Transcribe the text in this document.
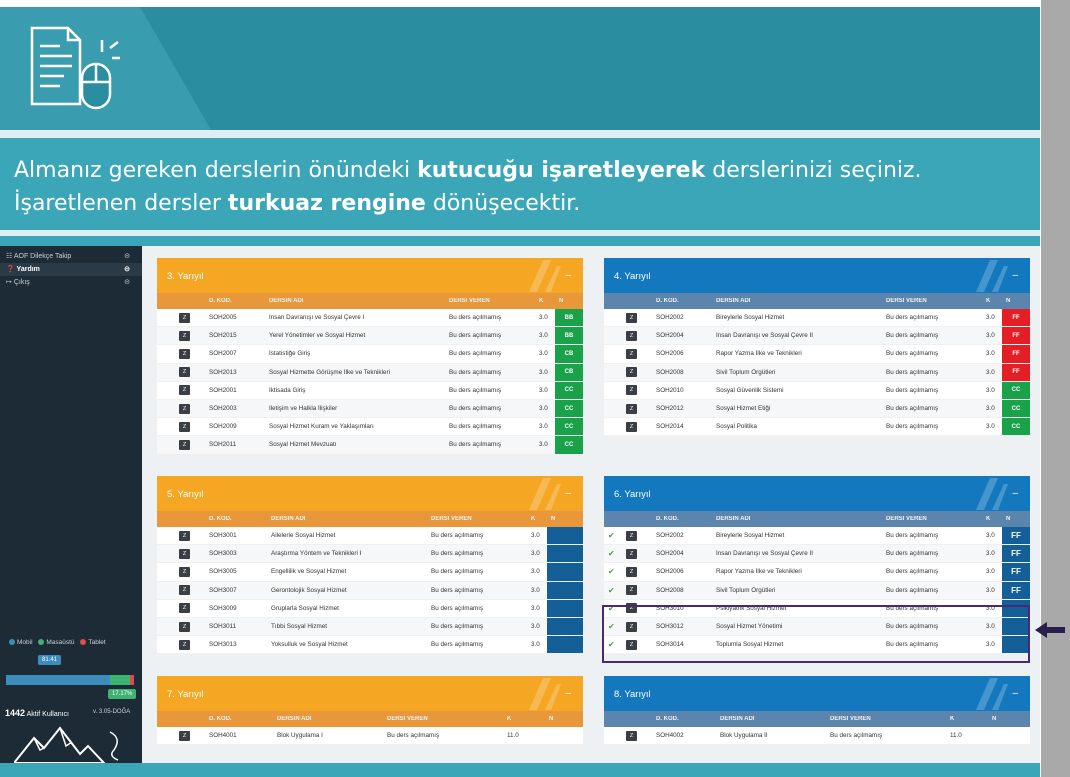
Almanız gereken derslerin önündeki kutucuğu işaretleyerek derslerinizi seçiniz.
İşaretlenen dersler turkuaz rengine dönüşecektir.
☷ AOF Dilekçe Takip	⊝
❓ Yardım	⊝
↦ Çıkış	⊝
Mobil Masaüstü Tablet
81.41
17.17%
1442 Aktif Kullanıcı	v. 3.05-DOĞA
3. Yarıyıl	–
D. KOD.	DERSİN ADI	DERSİ VEREN	K	N
Z	SOH2005	İnsan Davranışı ve Sosyal Çevre I	Bu ders açılmamış	3.0	BB
Z	SOH2015	Yerel Yönetimler ve Sosyal Hizmet	Bu ders açılmamış	3.0	BB
Z	SOH2007	İstatistiğe Giriş	Bu ders açılmamış	3.0	CB
Z	SOH2013	Sosyal Hizmette Görüşme İlke ve Teknikleri	Bu ders açılmamış	3.0	CB
Z	SOH2001	İktisada Giriş	Bu ders açılmamış	3.0	CC
Z	SOH2003	İletişim ve Halkla İlişkiler	Bu ders açılmamış	3.0	CC
Z	SOH2009	Sosyal Hizmet Kuram ve Yaklaşımları	Bu ders açılmamış	3.0	CC
Z	SOH2011	Sosyal Hizmet Mevzuatı	Bu ders açılmamış	3.0	CC
4. Yarıyıl	–
D. KOD.	DERSİN ADI	DERSİ VEREN	K	N
Z	SOH2002	Bireylerle Sosyal Hizmet	Bu ders açılmamış	3.0	FF
Z	SOH2004	İnsan Davranışı ve Sosyal Çevre II	Bu ders açılmamış	3.0	FF
Z	SOH2006	Rapor Yazma İlke ve Teknikleri	Bu ders açılmamış	3.0	FF
Z	SOH2008	Sivil Toplum Örgütleri	Bu ders açılmamış	3.0	FF
Z	SOH2010	Sosyal Güvenlik Sistemi	Bu ders açılmamış	3.0	CC
Z	SOH2012	Sosyal Hizmet Etiği	Bu ders açılmamış	3.0	CC
Z	SOH2014	Sosyal Politika	Bu ders açılmamış	3.0	CC
5. Yarıyıl	–
D. KOD.	DERSİN ADI	DERSİ VEREN	K	N
Z	SOH3001	Ailelerle Sosyal Hizmet	Bu ders açılmamış	3.0
Z	SOH3003	Araştırma Yöntem ve Teknikleri I	Bu ders açılmamış	3.0
Z	SOH3005	Engellilik ve Sosyal Hizmet	Bu ders açılmamış	3.0
Z	SOH3007	Gerontolojik Sosyal Hizmet	Bu ders açılmamış	3.0
Z	SOH3009	Gruplarla Sosyal Hizmet	Bu ders açılmamış	3.0
Z	SOH3011	Tıbbi Sosyal Hizmet	Bu ders açılmamış	3.0
Z	SOH3013	Yoksulluk ve Sosyal Hizmet	Bu ders açılmamış	3.0
6. Yarıyıl	–
D. KOD.	DERSİN ADI	DERSİ VEREN	K	N
✔	Z	SOH2002	Bireylerle Sosyal Hizmet	Bu ders açılmamış	3.0	FF
✔	Z	SOH2004	İnsan Davranışı ve Sosyal Çevre II	Bu ders açılmamış	3.0	FF
✔	Z	SOH2006	Rapor Yazma İlke ve Teknikleri	Bu ders açılmamış	3.0	FF
✔	Z	SOH2008	Sivil Toplum Örgütleri	Bu ders açılmamış	3.0	FF
✔	Z	SOH3010	Psikiyatrik Sosyal Hizmet	Bu ders açılmamış	3.0
✔	Z	SOH3012	Sosyal Hizmet Yönetimi	Bu ders açılmamış	3.0
✔	Z	SOH3014	Toplumla Sosyal Hizmet	Bu ders açılmamış	3.0
7. Yarıyıl	–
D. KOD.	DERSİN ADI	DERSİ VEREN	K	N
Z	SOH4001	Blok Uygulama I	Bu ders açılmamış	11.0
8. Yarıyıl	–
D. KOD.	DERSİN ADI	DERSİ VEREN	K	N
Z	SOH4002	Blok Uygulama II	Bu ders açılmamış	11.0
